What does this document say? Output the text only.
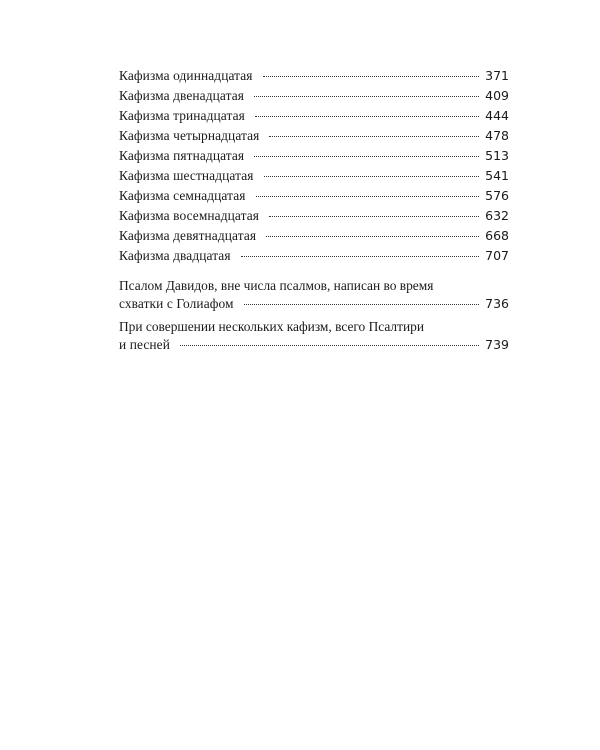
Кафизма одиннадцатая	371
Кафизма двенадцатая	409
Кафизма тринадцатая	444
Кафизма четырнадцатая	478
Кафизма пятнадцатая	513
Кафизма шестнадцатая	541
Кафизма семнадцатая	576
Кафизма восемнадцатая	632
Кафизма девятнадцатая	668
Кафизма двадцатая	707
Псалом Давидов, вне числа псалмов, написан во время
схватки с Голиафом	736
При совершении нескольких кафизм, всего Псалтири
и песней	739
